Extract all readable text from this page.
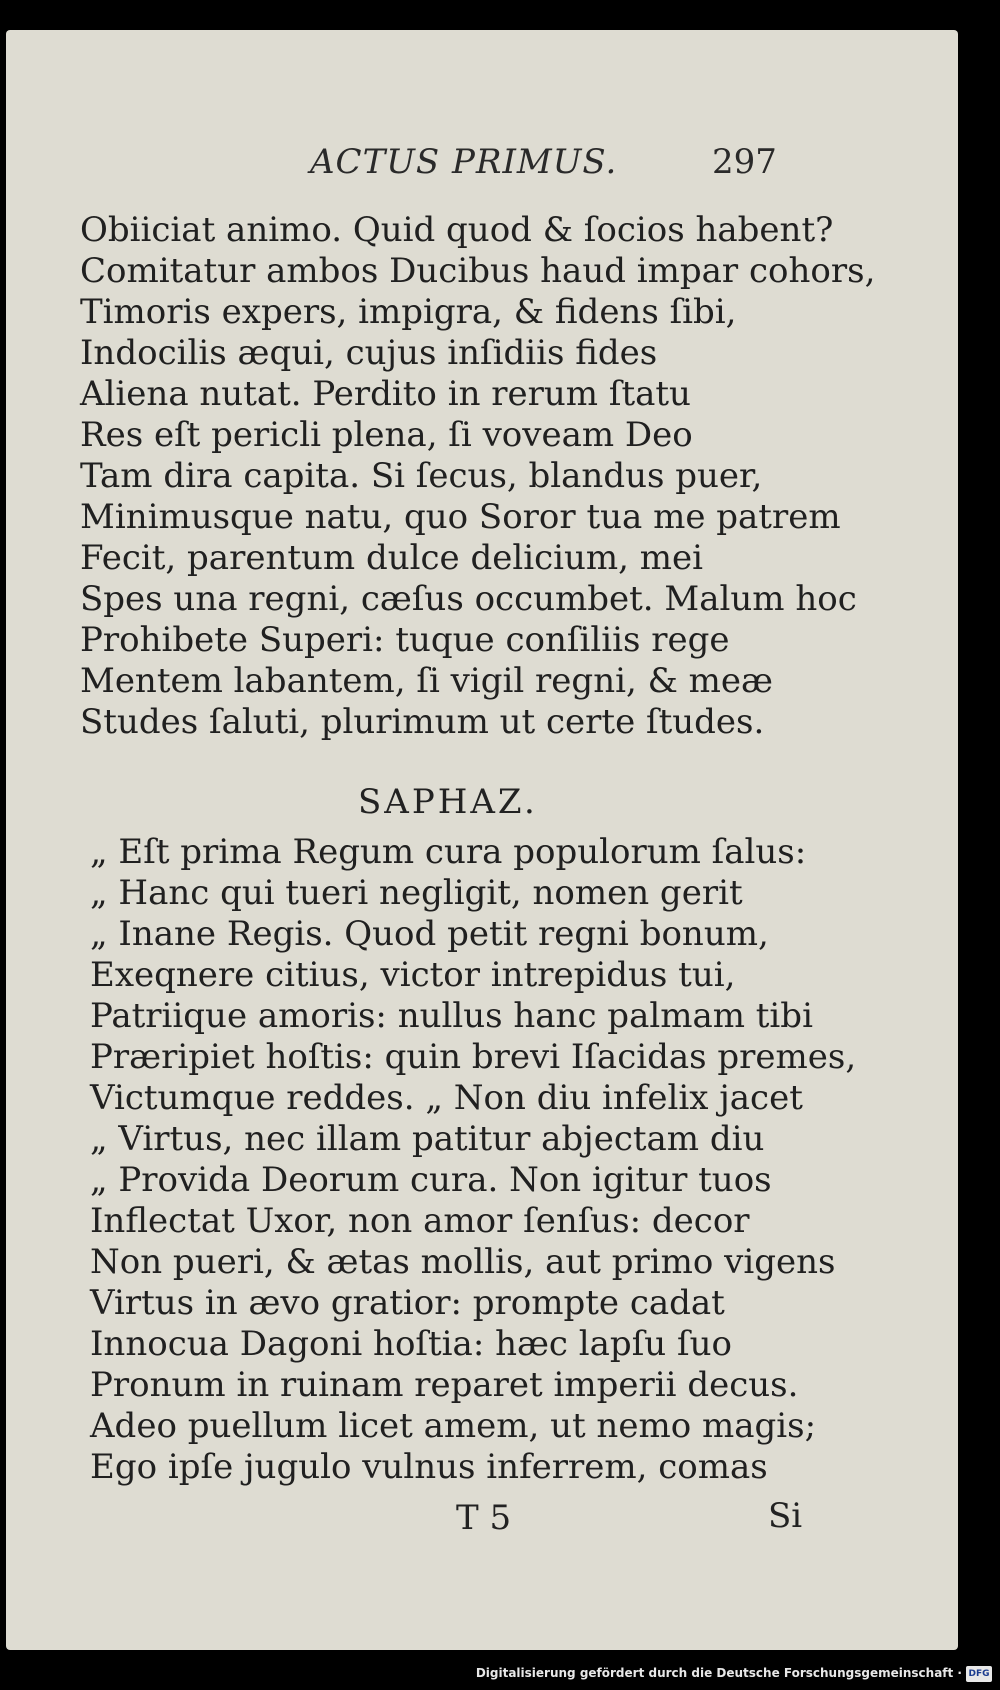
ACTUS PRIMUS.	297
Obiiciat animo. Quid quod & ſocios habent?
Comitatur ambos Ducibus haud impar cohors,
Timoris expers, impigra, & fidens ſibi,
Indocilis æqui, cujus inſidiis fides
Aliena nutat. Perdito in rerum ſtatu
Res eſt pericli plena, ſi voveam Deo
Tam dira capita. Si ſecus, blandus puer,
Minimusque natu, quo Soror tua me patrem
Fecit, parentum dulce delicium, mei
Spes una regni, cæſus occumbet. Malum hoc
Prohibete Superi: tuque conſiliis rege
Mentem labantem, ſi vigil regni, & meæ
Studes ſaluti, plurimum ut certe ſtudes.
SAPHAZ.
„ Eſt prima Regum cura populorum ſalus:
„ Hanc qui tueri negligit, nomen gerit
„ Inane Regis. Quod petit regni bonum,
Exeqnere citius, victor intrepidus tui,
Patriique amoris: nullus hanc palmam tibi
Præripiet hoſtis: quin brevi Iſacidas premes,
Victumque reddes. „ Non diu infelix jacet
„ Virtus, nec illam patitur abjectam diu
„ Provida Deorum cura. Non igitur tuos
Inflectat Uxor, non amor ſenſus: decor
Non pueri, & ætas mollis, aut primo vigens
Virtus in ævo gratior: prompte cadat
Innocua Dagoni hoſtia: hæc lapſu ſuo
Pronum in ruinam reparet imperii decus.
Adeo puellum licet amem, ut nemo magis;
Ego ipſe jugulo vulnus inferrem, comas
T 5	Si
Digitalisierung gefördert durch die Deutsche Forschungsgemeinschaft · DFG
